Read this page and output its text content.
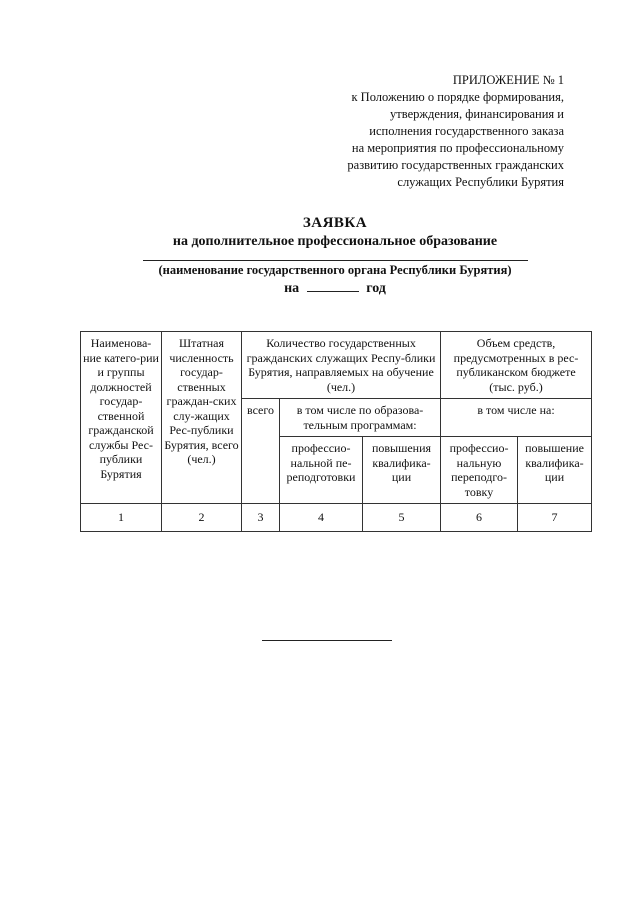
ПРИЛОЖЕНИЕ № 1
к Положению о порядке формирования,
утверждения, финансирования и
исполнения государственного заказа
на мероприятия по профессиональному
развитию государственных гражданских
служащих Республики Бурятия
ЗАЯВКА
на дополнительное профессиональное образование
(наименование государственного органа Республики Бурятия)
на	год
Наименова-ние катего-рии и группы должностей государ-ственной гражданской службы Рес-публики Бурятия	Штатная численность государ-ственных граждан-ских слу-жащих Рес-публики Бурятия, всего (чел.)	Количество государственных гражданских служащих Респу-блики Бурятия, направляемых на обучение (чел.)			Объем средств, предусмотренных в рес-публиканском бюджете (тыс. руб.)	
		всего	в том числе по образова-тельным программам:		в том числе на:	
			профессио-нальной пе-реподготовки	повышения квалифика-ции	профессио-нальную переподго-товку	повышение квалифика-ции
1	2	3	4	5	6	7
